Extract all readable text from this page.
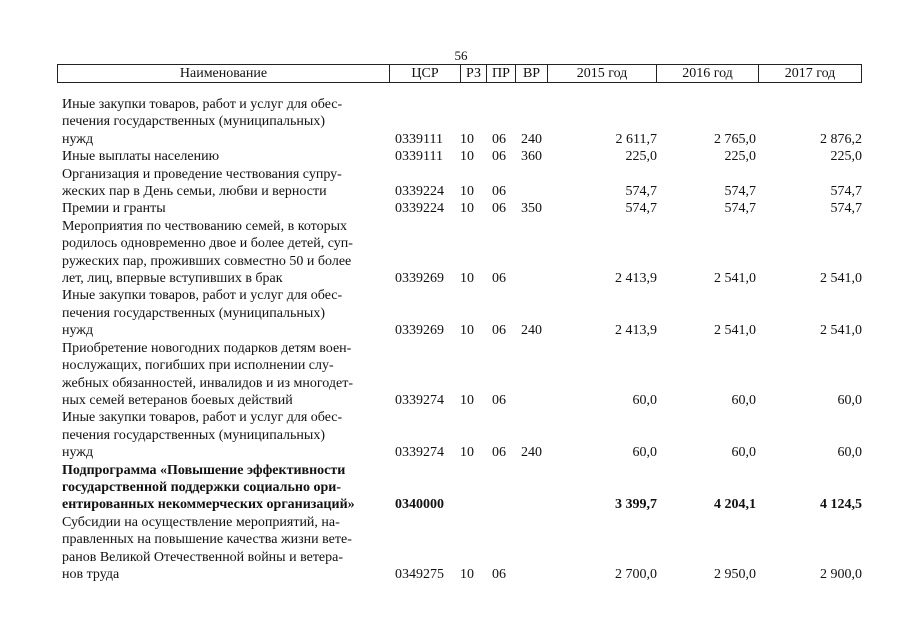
56
Наименование	ЦСР	РЗ ПР ВР	2015 год	2016 год	2017 год
Иные закупки товаров, работ и услуг для обес-
печения государственных (муниципальных)
нужд	0339111 10 06 240	2 611,7	2 765,0	2 876,2
Иные выплаты населению	0339111 10 06 360	225,0	225,0	225,0
Организация и проведение чествования супру-
жеских пар в День семьи, любви и верности	0339224 10 06	574,7	574,7	574,7
Премии и гранты	0339224 10 06 350	574,7	574,7	574,7
Мероприятия по чествованию семей, в которых
родилось одновременно двое и более детей, суп-
ружеских пар, проживших совместно 50 и более
лет, лиц, впервые вступивших в брак	0339269 10 06	2 413,9	2 541,0	2 541,0
Иные закупки товаров, работ и услуг для обес-
печения государственных (муниципальных)
нужд	0339269 10 06 240	2 413,9	2 541,0	2 541,0
Приобретение новогодних подарков детям воен-
нослужащих, погибших при исполнении слу-
жебных обязанностей, инвалидов и из многодет-
ных семей ветеранов боевых действий	0339274 10 06	60,0	60,0	60,0
Иные закупки товаров, работ и услуг для обес-
печения государственных (муниципальных)
нужд	0339274 10 06 240	60,0	60,0	60,0
Подпрограмма «Повышение эффективности
государственной поддержки социально ори-
ентированных некоммерческих организаций»	0340000	3 399,7	4 204,1	4 124,5
Субсидии на осуществление мероприятий, на-
правленных на повышение качества жизни вете-
ранов Великой Отечественной войны и ветера-
нов труда	0349275 10 06	2 700,0	2 950,0	2 900,0
